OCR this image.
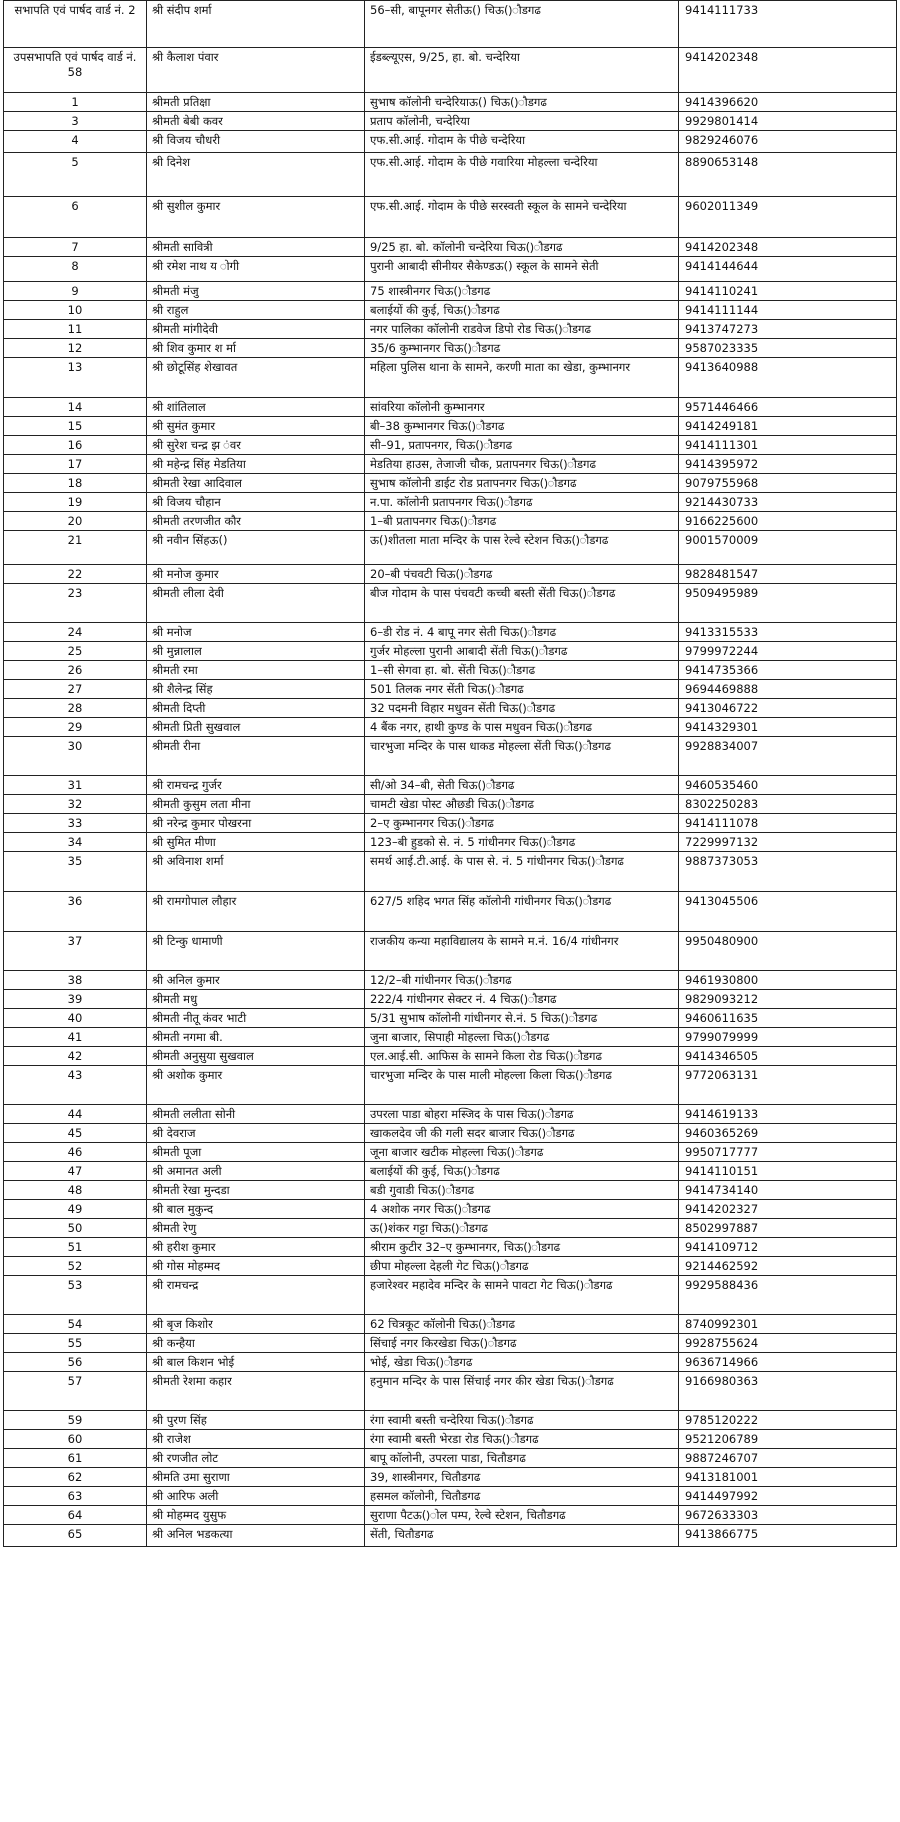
सभापति एवं पार्षद वार्ड नं. 2	श्री संदीप शर्मा	56–सी, बापूनगर सेतीऊ() चिऊ()ौडगढ	9414111733
उपसभापति एवं पार्षद वार्ड नं. 58	श्री कैलाश पंवार	ईडब्ल्यूएस, 9/25, हा. बो. चन्देरिया	9414202348
1	श्रीमती प्रतिक्षा	सुभाष कॉलोनी चन्देरियाऊ() चिऊ()ौडगढ	9414396620
3	श्रीमती बेबी कवर	प्रताप कॉलोनी, चन्देरिया	9929801414
4	श्री विजय चौधरी	एफ.सी.आई. गोदाम के पीछे चन्देरिया	9829246076
5	श्री दिनेश	एफ.सी.आई. गोदाम के पीछे गवारिया मोहल्ला चन्देरिया	8890653148
6	श्री सुशील कुमार	एफ.सी.आई. गोदाम के पीछे सरस्वती स्कूल के सामने चन्देरिया	9602011349
7	श्रीमती सावित्री	9/25 हा. बो. कॉलोनी चन्देरिया चिऊ()ौडगढ	9414202348
8	श्री रमेश नाथ य ोगी	पुरानी आबादी सीनीयर सैकेण्डऊ() स्कूल के सामने सेती	9414144644
9	श्रीमती मंजु	75 शास्त्रीनगर चिऊ()ौडगढ	9414110241
10	श्री राहुल	बलाईयों की कुई, चिऊ()ौडगढ	9414111144
11	श्रीमती मांगीदेवी	नगर पालिका कॉलोनी राडवेज डिपो रोड चिऊ()ौडगढ	9413747273
12	श्री शिव कुमार श र्मा	35/6 कुम्भानगर चिऊ()ौडगढ	9587023335
13	श्री छोटूसिंह शेखावत	महिला पुलिस थाना के सामने, करणी माता का खेडा, कुम्भानगर	9413640988
14	श्री शांतिलाल	सांवरिया कॉलोनी कुम्भानगर	9571446466
15	श्री सुमंत कुमार	बी–38 कुम्भानगर चिऊ()ौडगढ	9414249181
16	श्री सुरेश चन्द्र झ ंवर	सी–91, प्रतापनगर, चिऊ()ौडगढ	9414111301
17	श्री महेन्द्र सिंह मेडतिया	मेडतिया हाउस, तेजाजी चौक, प्रतापनगर चिऊ()ौडगढ	9414395972
18	श्रीमती रेखा आदिवाल	सुभाष कॉलोनी डाईट रोड प्रतापनगर चिऊ()ौडगढ	9079755968
19	श्री विजय चौहान	न.पा. कॉलोनी प्रतापनगर चिऊ()ौडगढ	9214430733
20	श्रीमती तरणजीत कौर	1–बी प्रतापनगर चिऊ()ौडगढ	9166225600
21	श्री नवीन सिंहऊ()	ऊ()शीतला माता मन्दिर के पास रेल्वे स्टेशन चिऊ()ौडगढ	9001570009
22	श्री मनोज कुमार	20–बी पंचवटी चिऊ()ौडगढ	9828481547
23	श्रीमती लीला देवी	बीज गोदाम के पास पंचवटी कच्ची बस्ती सेंती चिऊ()ौडगढ	9509495989
24	श्री मनोज	6–डी रोड नं. 4 बापू नगर सेती चिऊ()ौडगढ	9413315533
25	श्री मुन्नालाल	गुर्जर मोहल्ला पुरानी आबादी सेंती चिऊ()ौडगढ	9799972244
26	श्रीमती रमा	1–सी सेगवा हा. बो. सेंती चिऊ()ौडगढ	9414735366
27	श्री शैलेन्द्र सिंह	501 तिलक नगर सेंती चिऊ()ौडगढ	9694469888
28	श्रीमती दिप्ती	32 पदमनी विहार मधुवन सेंती चिऊ()ौडगढ	9413046722
29	श्रीमती प्रिती सुखवाल	4 बैंक नगर, हाथी कुण्ड के पास मधुवन चिऊ()ौडगढ	9414329301
30	श्रीमती रीना	चारभुजा मन्दिर के पास धाकड मोहल्ला सेंती चिऊ()ौडगढ	9928834007
31	श्री रामचन्द्र गुर्जर	सी/ओ 34–बी, सेती चिऊ()ौडगढ	9460535460
32	श्रीमती कुसुम लता मीना	चामटी खेडा पोस्ट औछडी चिऊ()ौडगढ	8302250283
33	श्री नरेन्द्र कुमार पोखरना	2–ए कुम्भानगर चिऊ()ौडगढ	9414111078
34	श्री सुमित मीणा	123–बी हुडको से. नं. 5 गांधीनगर चिऊ()ौडगढ	7229997132
35	श्री अविनाश शर्मा	समर्थ आई.टी.आई. के पास से. नं. 5 गांधीनगर चिऊ()ौडगढ	9887373053
36	श्री रामगोपाल लौहार	627/5 शहिद भगत सिंह कॉलोनी गांधीनगर चिऊ()ौडगढ	9413045506
37	श्री टिन्कु धामाणी	राजकीय कन्या महाविद्यालय के सामने म.नं. 16/4 गांधीनगर	9950480900
38	श्री अनिल कुमार	12/2–बी गांधीनगर चिऊ()ौडगढ	9461930800
39	श्रीमती मधु	222/4 गांधीनगर सेक्टर नं. 4 चिऊ()ौडगढ	9829093212
40	श्रीमती नीतू कंवर भाटी	5/31 सुभाष कॉलोनी गांधीनगर से.नं. 5 चिऊ()ौडगढ	9460611635
41	श्रीमती नगमा बी.	जुना बाजार, सिपाही मोहल्ला चिऊ()ौडगढ	9799079999
42	श्रीमती अनुसुया सुखवाल	एल.आई.सी. आफिस के सामने किला रोड चिऊ()ौडगढ	9414346505
43	श्री अशोक कुमार	चारभुजा मन्दिर के पास माली मोहल्ला किला चिऊ()ौडगढ	9772063131
44	श्रीमती ललीता सोनी	उपरला पाडा बोहरा मस्जिद के पास चिऊ()ौडगढ	9414619133
45	श्री देवराज	खाकलदेव जी की गली सदर बाजार चिऊ()ौडगढ	9460365269
46	श्रीमती पूजा	जूना बाजार खटीक मोहल्ला चिऊ()ौडगढ	9950717777
47	श्री अमानत अली	बलाईयों की कुई, चिऊ()ौडगढ	9414110151
48	श्रीमती रेखा मुन्दडा	बडी गुवाडी चिऊ()ौडगढ	9414734140
49	श्री बाल मुकुन्द	4 अशोक नगर चिऊ()ौडगढ	9414202327
50	श्रीमती रेणु	ऊ()शंकर गट्टा चिऊ()ौडगढ	8502997887
51	श्री हरीश कुमार	श्रीराम कुटीर 32–ए कुम्भानगर, चिऊ()ौडगढ	9414109712
52	श्री गोस मोहम्मद	छीपा मोहल्ला देहली गेट चिऊ()ौडगढ	9214462592
53	श्री रामचन्द्र	हजारेश्वर महादेव मन्दिर के सामने पावटा गेट चिऊ()ौडगढ	9929588436
54	श्री बृज किशोर	62 चित्रकूट कॉलोनी चिऊ()ौडगढ	8740992301
55	श्री कन्हैया	सिंचाई नगर किरखेडा चिऊ()ौडगढ	9928755624
56	श्री बाल किशन भोई	भोई, खेडा चिऊ()ौडगढ	9636714966
57	श्रीमती रेशमा कहार	हनुमान मन्दिर के पास सिंचाई नगर कीर खेडा चिऊ()ौडगढ	9166980363
59	श्री पुरण सिंह	रंगा स्वामी बस्ती चन्देरिया चिऊ()ौडगढ	9785120222
60	श्री राजेश	रंगा स्वामी बस्ती भेरडा रोड चिऊ()ौडगढ	9521206789
61	श्री रणजीत लोट	बापू कॉलोनी, उपरला पाडा, चितौडगढ	9887246707
62	श्रीमति उमा सुराणा	39, शास्त्रीनगर, चितौडगढ	9413181001
63	श्री आरिफ अली	हसमल कॉलोनी, चितौडगढ	9414497992
64	श्री मोहम्मद युसुफ	सुराणा पैटऊ()ोल पम्प, रेल्वे स्टेशन, चितौडगढ	9672633303
65	श्री अनिल भडकत्या	सेंती, चितौडगढ	9413866775
